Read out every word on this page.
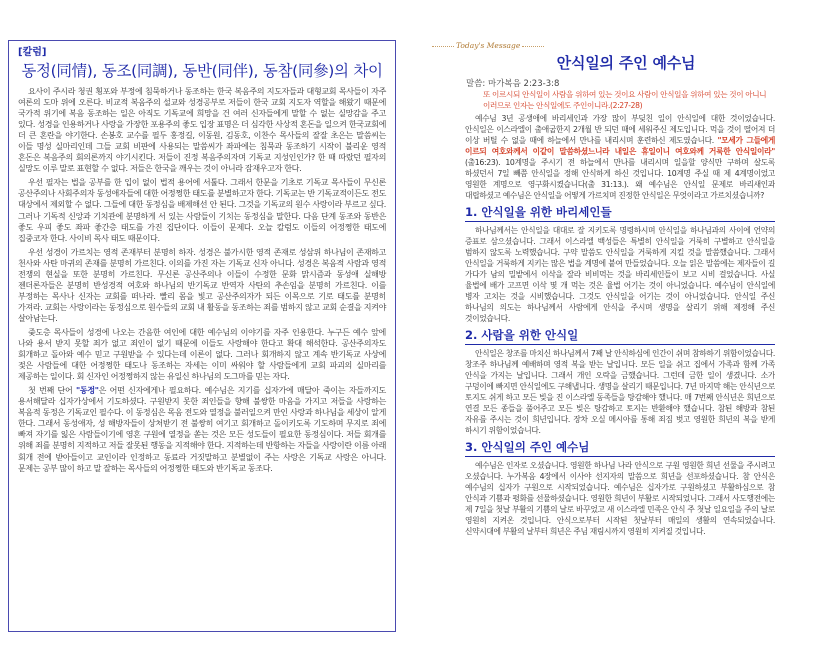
[칼럼]
동정(同情), 동조(同調), 동반(同伴), 동참(同參)의 차이

요사이 주시라 청권 횡포와 부정에 침묵하거나 동조하는 한국 복음주의 지도자들과 대형교회 목사들이 자주 여론의 도마 위에 오른다. 비교적 복음주의 설교와 성경공부로 저들이 한국 교회 지도자 역할을 해왔기 때문에 국가적 위기에 복음 동조하는 일은 아직도 기독교에 희망을 건 여러 신자들에게 말할 수 없는 실망감을 주고 있다. 성경을 인용하거나 사랑을 가장한 포용주의 좋도 입장 표명은 더 심각한 사상적 혼돈을 일으켜 한국교회에 더 큰 혼란을 야기한다. 손봉호 교수를 필두 홍정길, 이동원, 김동호, 이찬수 목사들의 잘잘 초은는 말씀씨는 이들 명성 실마리인데 그들 교회 비판에 사용되는 말씀씨가 좌파에는 침묵과 동조하기 시작이 불리운 영적 혼돈은 복음주의 회의론까지 야기시킨다. 저들이 진정 복음주의자며 기독교 지성인인가? 한 때 따랐던 필자의 실망도 이루 말로 표현할 수 없다. 저들은 한국을 깨우는 것이 아니라 잠재우고자 한다.

우선 필자는 법을 공부를 한 입이 없이 법적 용어에 서툴다. 그래서 한문을 기초로 기독교 목사들이 무신론 공산주의나 사회주의자 동성애자들에 대한 어정쩡한 태도를 분별하고자 한다. 기독교는 반 기독교적이든도 전도 대상에서 제외할 수 없다. 그들에 대한 동정심을 배제해선 안 된다. 그것을 기독교의 원수 사랑이라 부르고 싶다. 그러나 기독적 신앙과 기치관에 분명하게 서 있는 사람들이 기치는 동정심을 말한다. 다음 단계 동조와 동반은 좋도 우피 좋도 좌파 좋간층 태도를 가진 집단이다. 이들이 문제다. 오늘 칼럼도 이들의 어정쩡한 태도에 집중코자 한다. 사이비 목사 태도 때문이다.

우선 성경이 가르치는 영적 존재부터 분명히 하자. 성경은 불가시한 영적 존재로 성삼위 하나님이 존재하고 천사와 사탄 마귀의 존재를 분명히 가르친다. 이의를 가진 자는 기독교 신자 아니다. 성경은 복음적 사람과 영적 전쟁의 현실을 또한 분명히 가르친다. 무신론 공산주의나 이들이 수정한 문화 맑시즘과 동성애 실해방 젠더론자들은 분명히 반성경적 여호와 하나님의 반기독교 반역자 사탄의 추손임을 분명히 가르친다. 이를 부정하는 목사나 신자는 교회를 떠나라. 빨리 몸을 빛고 공산주의자가 되든 이목으로 기로 태도를 분명히 가져라. 교회는 사랑이라는 동정심으로 원수들의 교회 내 활동을 동조하는 죄를 범하지 않고 교회 순결을 지켜야 살아남는다.

줒도층 목사들이 성경에 나오는 간음한 여인에 대한 예수님의 이야기를 자주 인용한다. 누구든 예수 앞에 나와 용서 받지 못할 죄가 없고 죄인이 없기 때문에 이들도 사랑해야 한다고 확대 해석한다. 공산주의자도 회개하고 돌아와 예수 믿고 구원받을 수 있다는데 이론이 없다. 그러나 회개하지 않고 계속 반기독교 사상에 젖은 사람들에 대한 어정쩡한 태도나 동조하는 자세는 이미 싸워야 할 사람들에게 교회 파괴의 실마리를 제공하는 일이다. 회 신자인 어정쩡하지 않는 유일신 하나님의 도그마를 믿는 자다.

첫 번째 단어 "동정"은 어떤 신자에게나 필요하다. 예수님은 지기를 십자가에 매달아 죽이는 자들까지도 용서해달라 십자가상에서 기도하셨다. 구원받지 못한 죄인들을 향해 불쌍한 마음을 가지고 저들을 사랑하는 복음적 동정은 기독교인 필수다. 이 동정심은 목음 전도와 열정을 불러일으켜 만인 사랑과 하나님을 세상이 알게 한다. 그래서 동성애자, 성 해방자들이 상처받기 전 불쌍히 여기고 회개하고 돌이키도록 기도하며 무지로 죄에 빠져 자기를 잃은 사람들이기에 영혼 구원에 열정을 쏟는 것은 모든 성도들이 필요한 동정심이다. 저들 회개를 위해 죄를 분명히 지적하고 저들 잘못된 행동을 지적해야 한다. 지적하는데 반항하는 자들을 사랑이란 이름 아래 회개 전에 받아들이고 교인이라 인정하고 동료라 거짓말하고 분별없이 주는 사랑은 기독교 사랑은 아니다. 문제는 공부 많이 하고 말 잘하는 목사들의 어정쩡한 태도와 반기독교 동조다.

Today's Message
안식일의 주인 예수님
말씀: 마가복음 2:23-3:8
또 이르시되 안식일이 사람을 위하여 있는 것이요 사람이 안식일을 위하여 있는 것이 아니니 이러므로 인자는 안식일에도 주인이니라.(2:27-28)

예수님 3년 공생애에 바리세인과 가장 많이 부딪친 일이 안식일에 대한 것이었습니다. 안식일은 이스라엘이 출애굽한지 2개월 반 되던 때에 세워주신 제도입니다. 먹을 것이 떨어져 더 이상 버틸 수 없을 때에 하늘에서 만나를 내리시며 훈련하신 제도였습니다. "모세가 그들에게 이르되 여호와께서 이같이 말씀하셨느니라 내일은 휴일이니 여호와께 거룩한 안식일이라"(출16:23). 10계명을 주시기 전 하늘에서 만나를 내리시며 일을할 양식만 구하며 살도록 하셨던서 7일 빼쯤 안식일을 정해 안식하게 하신 것입니다. 10계명 주실 때 제 4계명이었고 영원한 계명으로 영구화시켰습니다(출 31:13.). 왜 예수님은 안식일 문제로 바리새인과 대립하셨고 예수님은 안식일을 어떻게 가르치며 진정한 안식일은 무엇이라고 가르치셨습니까?

1. 안식일을 위한 바리세인들

하나님께서는 안식일을 대대로 잘 지키도록 명령하시며 안식일을 하나님과의 사이에 언약의 증표로 삼으셨습니다. 그래서 이스라엘 백성들은 특별히 안식일을 거룩히 구별하고 안식일을 범하지 않도록 노력했습니다. 구약 말씀도 안식일을 거룩하게 지킬 것을 말씀했습니다. 그래서 안식일을 거룩하게 지키는 많은 법을 계명에 붙여 만들었습니다. 오늘 읽은 말씀에는 제자들이 길 가다가 남의 밀밭에서 이삭을 잘라 비비먹는 것을 바리세인들이 보고 시비 걸었습니다. 사실 율법에 배가 고프면 이삭 몇 개 먹는 것은 율법 어기는 것이 아니었습니다. 예수님이 안식일에 병자 고치는 것을 시비했습니다. 그것도 안식일을 어기는 것이 아니었습니다. 안식일 주신 하나님의 의도는 하나님께서 사람에게 안식을 주시며 생명을 살리기 위해 제정해 주신 것이었습니다.

2. 사람을 위한 안식일

안식일은 창조를 마치신 하나님께서 7째 날 안식하심에 인간이 쉬며 참하하기 위함이었습니다. 창조주 하나님께 예배하며 영적 복을 받는 날입니다. 모든 일을 쉬고 집에서 가족과 함께 가족 안식을 가지는 날입니다. 그래서 개인 오락을 금했습니다. 그런데 금한 일이 생겼니다. 소가 구덩이에 빠지면 안식일에도 구해냅니다. 생명을 살리기 때문입니다. 7년 마지막 해는 안식년으로 토지도 쉬게 하고 모든 빚을 진 이스라엘 동족들을 탕감해야 했니다. 매 7번째 안식년은 희년으로 연결 모든 종들을 풀어주고 모든 빚은 탕감하고 토지는 반환해야 했습니다. 참된 해방과 참된 자유를 주시는 것이 희년입니다. 장차 오실 메시아를 통해 죄짐 벗고 영원한 희년의 복을 받게 하시기 위함이었습니다.

3. 안식일의 주인 예수님

예수님은 인자로 오셨습니다. 영원한 하나님 나라 안식으로 구원 영원한 희년 선물을 주시려고 오셨습니다. 누가복음 4장에서 이사야 선지자의 말씀으로 희년을 선포하셨습니다. 참 안식은 예수님의 십자가 구원으로 시작되었습니다. 예수님은 십자가로 구원하셨고 부활하심으로 참 안식과 기쁨과 평화를 선물하셨습니다. 영원한 희년이 부활로 시작되었니다. 그래서 사도행전에는 제 7일을 첫날 부활의 기쁨의 날로 바꾸었고 새 이스라엘 민족은 안식 주 첫날 일요일을 주의 날로 영원히 지켜온 것입니다. 안식으로부터 시작된 첫날부터 매일의 생활의 연속되었습니다. 신약시대에 부활의 날부터 희년은 주님 재림시까지 영원히 지켜질 것입니다.
